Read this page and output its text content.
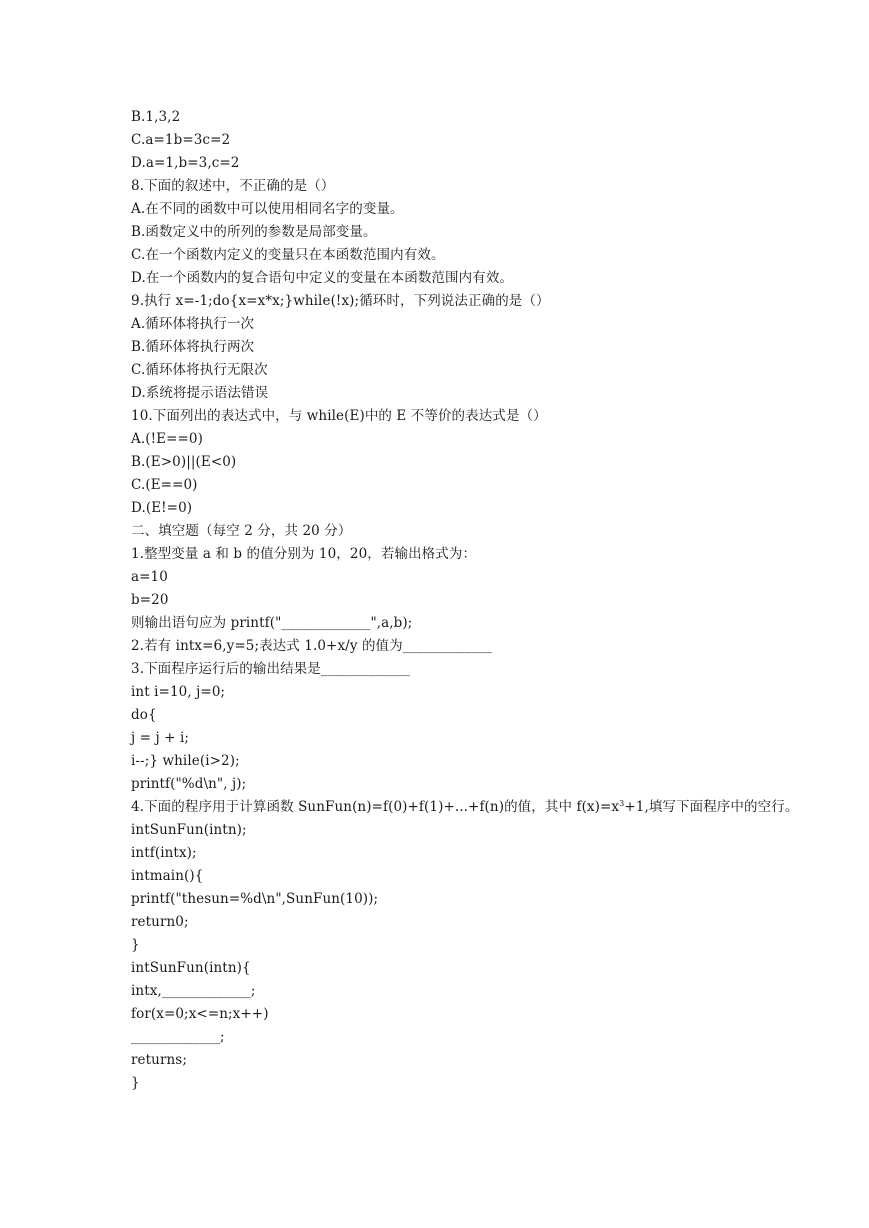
B.1,3,2
C.a=1b=3c=2
D.a=1,b=3,c=2
8.下面的叙述中，不正确的是（）
A.在不同的函数中可以使用相同名字的变量。
B.函数定义中的所列的参数是局部变量。
C.在一个函数内定义的变量只在本函数范围内有效。
D.在一个函数内的复合语句中定义的变量在本函数范围内有效。
9.执行 x=-1;do{x=x*x;}while(!x);循环时，下列说法正确的是（）
A.循环体将执行一次
B.循环体将执行两次
C.循环体将执行无限次
D.系统将提示语法错误
10.下面列出的表达式中，与 while(E)中的 E 不等价的表达式是（）
A.(!E==0)
B.(E>0)||(E<0)
C.(E==0)
D.(E!=0)
二、填空题（每空 2 分，共 20 分）
1.整型变量 a 和 b 的值分别为 10，20，若输出格式为：
a=10
b=20
则输出语句应为 printf("_____________",a,b);
2.若有 intx=6,y=5;表达式 1.0+x/y 的值为_____________
3.下面程序运行后的输出结果是_____________
int i=10, j=0;
do{
j = j + i;
i--;} while(i>2);
printf("%d\n", j);
4.下面的程序用于计算函数 SunFun(n)=f(0)+f(1)+...+f(n)的值，其中 $f(x)=x^3+1$,填写下面程序中的空行。
intSunFun(intn);
intf(intx);
intmain(){
printf("thesun=%d\n",SunFun(10));
return0;
}
intSunFun(intn){
intx,_____________;
for(x=0;x<=n;x++)
_____________;
returns;
}
